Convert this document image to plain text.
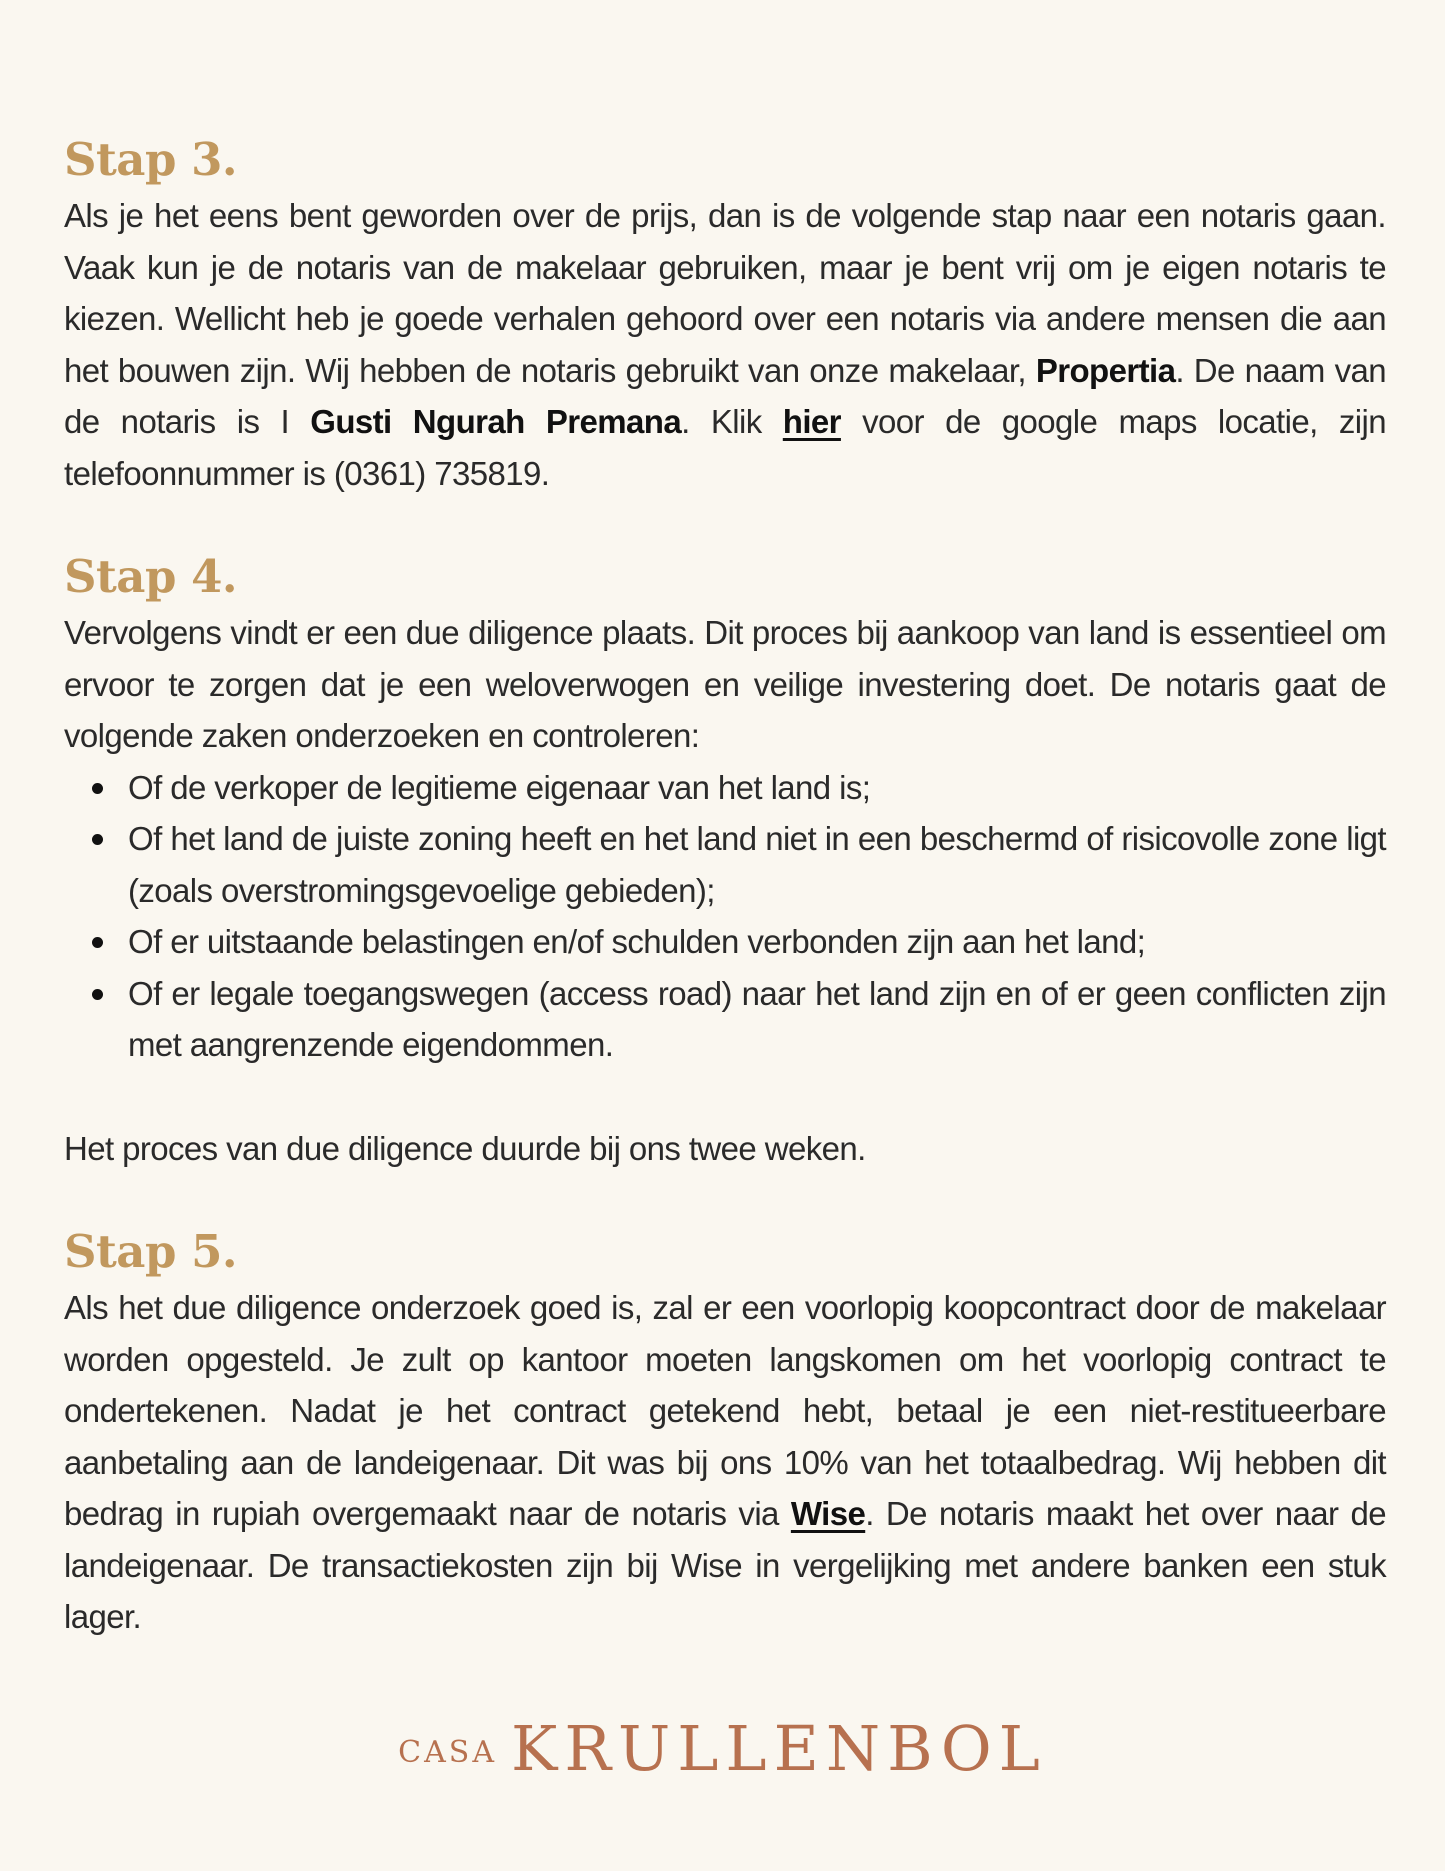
Stap 3.

Als je het eens bent geworden over de prijs, dan is de volgende stap naar een notaris gaan. Vaak kun je de notaris van de makelaar gebruiken, maar je bent vrij om je eigen notaris te kiezen. Wellicht heb je goede verhalen gehoord over een notaris via andere mensen die aan het bouwen zijn. Wij hebben de notaris gebruikt van onze makelaar, Propertia. De naam van de notaris is I Gusti Ngurah Premana. Klik hier voor de google maps locatie, zijn telefoonnummer is (0361) 735819.

Stap 4.

Vervolgens vindt er een due diligence plaats. Dit proces bij aankoop van land is essentieel om ervoor te zorgen dat je een weloverwogen en veilige investering doet. De notaris gaat de volgende zaken onderzoeken en controleren:

Of de verkoper de legitieme eigenaar van het land is;
Of het land de juiste zoning heeft en het land niet in een beschermd of risicovolle zone ligt (zoals overstromingsgevoelige gebieden);
Of er uitstaande belastingen en/of schulden verbonden zijn aan het land;
Of er legale toegangswegen (access road) naar het land zijn en of er geen conflicten zijn met aangrenzende eigendommen.

Het proces van due diligence duurde bij ons twee weken.

Stap 5.

Als het due diligence onderzoek goed is, zal er een voorlopig koopcontract door de makelaar worden opgesteld. Je zult op kantoor moeten langskomen om het voorlopig contract te ondertekenen. Nadat je het contract getekend hebt, betaal je een niet-restitueerbare aanbetaling aan de landeigenaar. Dit was bij ons 10% van het totaalbedrag. Wij hebben dit bedrag in rupiah overgemaakt naar de notaris via Wise. De notaris maakt het over naar de landeigenaar. De transactiekosten zijn bij Wise in vergelijking met andere banken een stuk lager.

CASA KRULLENBOL
